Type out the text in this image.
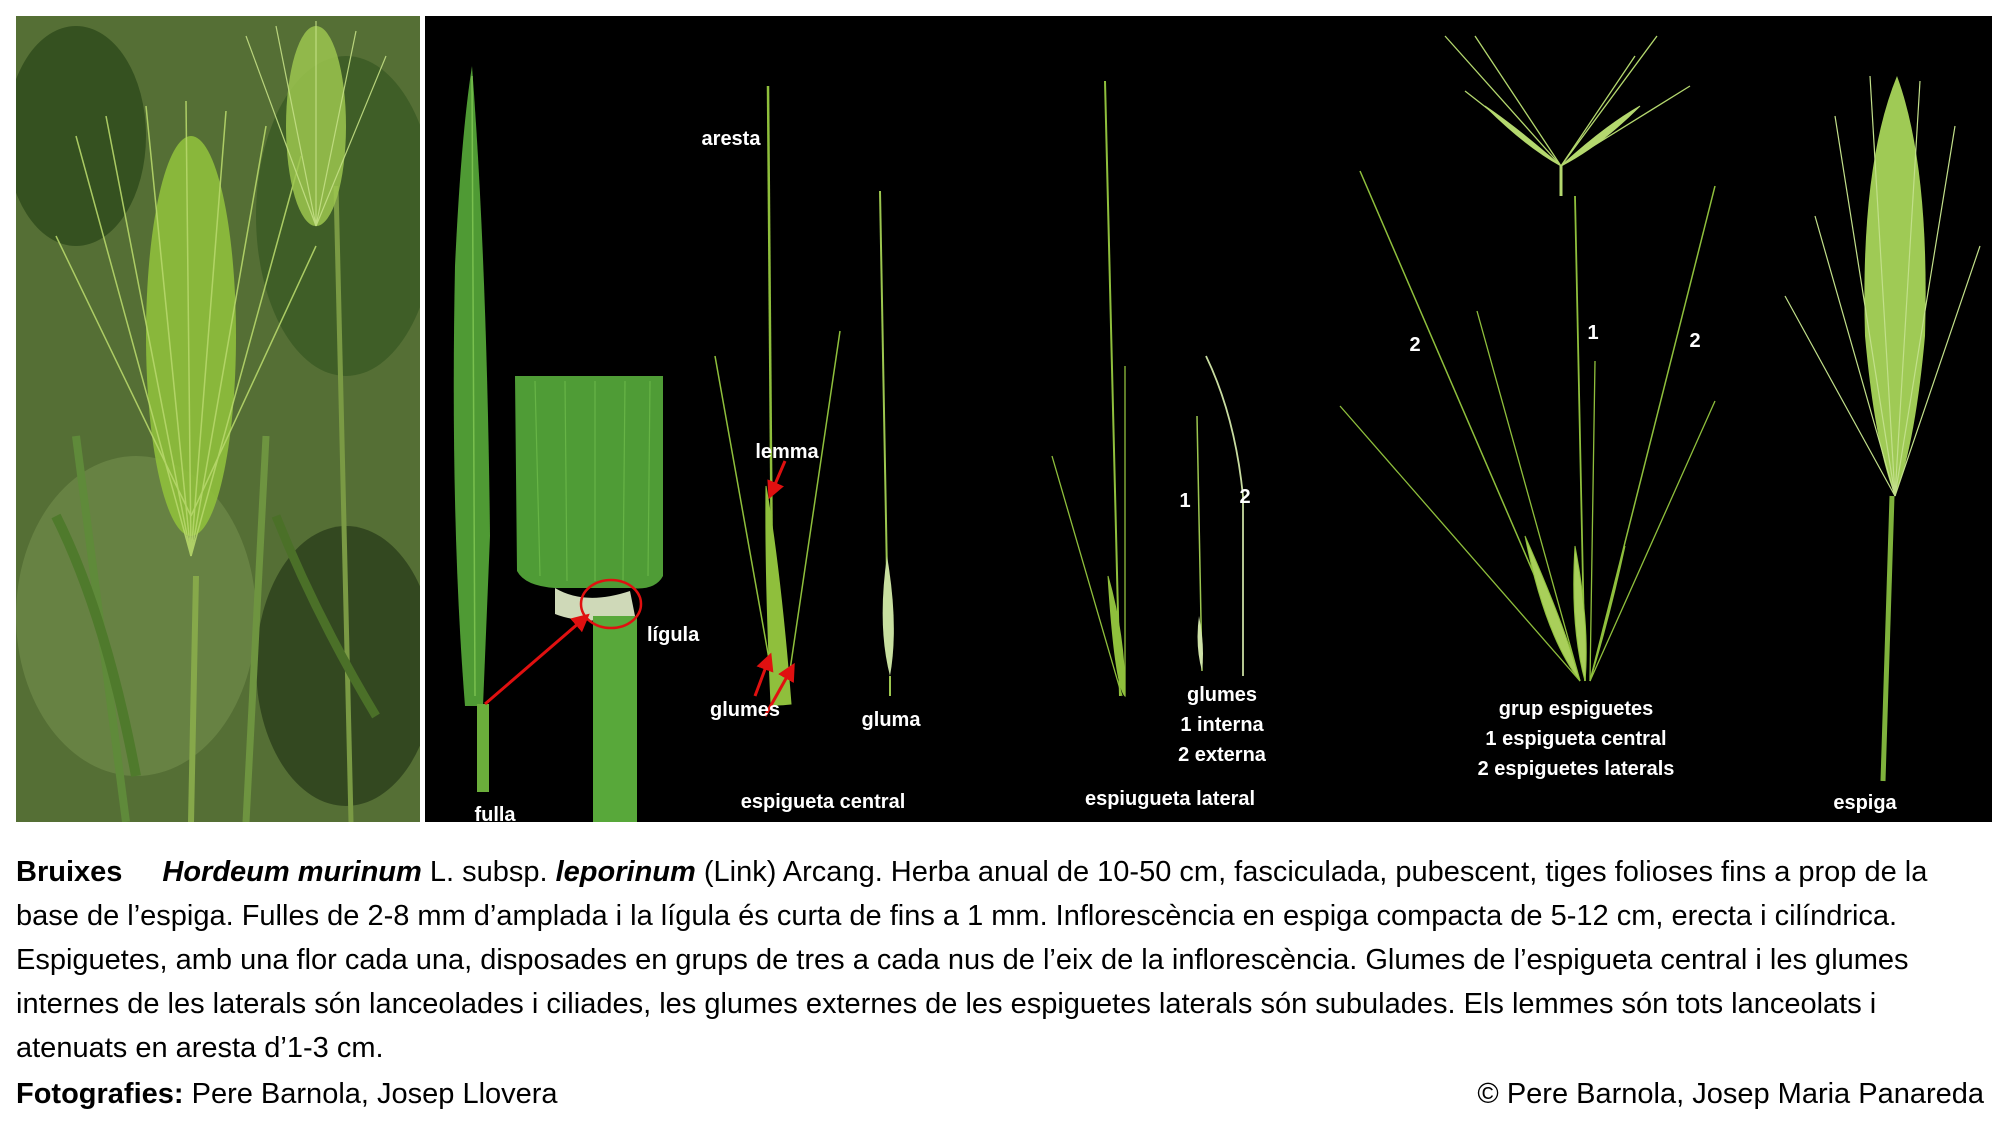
fulla
lígula
aresta
lemma
glumes	gluma
espigueta central
1 2
glumes
1 interna
2 externa
espiugueta lateral
2
1	2
grup espiguetes
1 espigueta central
2 espiguetes laterals
espiga
Bruixes Hordeum murinum L. subsp. leporinum (Link) Arcang. Herba anual de 10-50 cm, fasciculada, pubescent, tiges folioses fins a prop de la base de l’espiga. Fulles de 2-8 mm d’amplada i la lígula és curta de fins a 1 mm. Inflorescència en espiga compacta de 5-12 cm, erecta i cilíndrica. Espiguetes, amb una flor cada una, disposades en grups de tres a cada nus de l’eix de la inflorescència. Glumes de l’espigueta central i les glumes internes de les laterals són lanceolades i ciliades, les glumes externes de les espiguetes laterals són subulades. Els lemmes són tots lanceolats i atenuats en aresta d’1-3 cm.
Fotografies: Pere Barnola, Josep Llovera	© Pere Barnola, Josep Maria Panareda
